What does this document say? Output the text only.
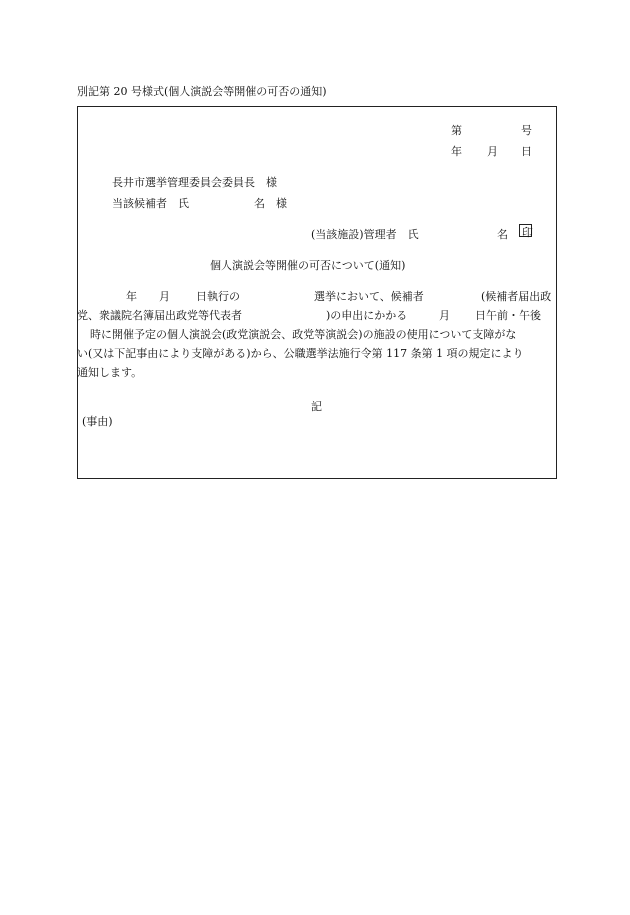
別記第 20 号様式(個人演説会等開催の可否の通知)
第	号
年 月 日
長井市選挙管理委員会委員長　様
当該候補者　氏	名　様
(当該施設)管理者　氏	名 印
個人演説会等開催の可否について(通知)
年 月 日執行の	選挙において、候補者	(候補者届出政
党、衆議院名簿届出政党等代表者	)の申出にかかる	月 日午前・午後
時に開催予定の個人演説会(政党演説会、政党等演説会)の施設の使用について支障がな
い(又は下記事由により支障がある)から、公職選挙法施行令第 117 条第 1 項の規定により
通知します。
記
(事由)
